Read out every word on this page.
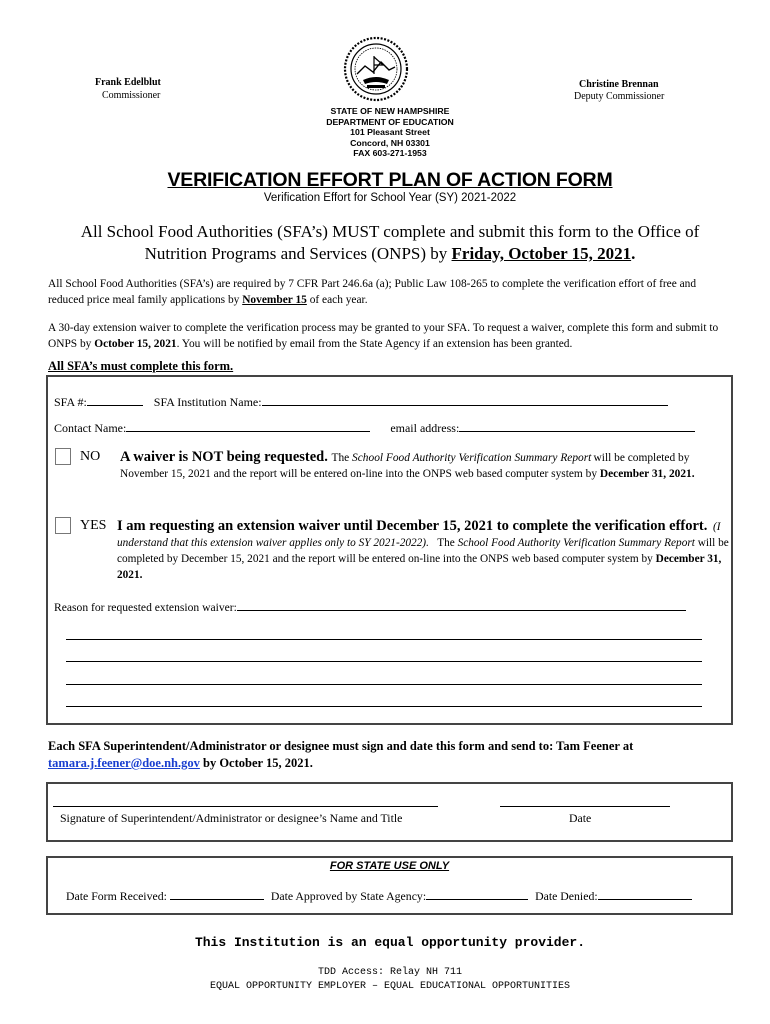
Frank Edelblut
Commissioner
Christine Brennan
Deputy Commissioner
STATE OF NEW HAMPSHIRE
DEPARTMENT OF EDUCATION
101 Pleasant Street
Concord, NH 03301
FAX 603-271-1953
VERIFICATION EFFORT PLAN OF ACTION FORM
Verification Effort for School Year (SY) 2021-2022
All School Food Authorities (SFA’s) MUST complete and submit this form to the Office of Nutrition Programs and Services (ONPS) by Friday, October 15, 2021.
All School Food Authorities (SFA’s) are required by 7 CFR Part 246.6a (a); Public Law 108-265 to complete the verification effort of free and reduced price meal family applications by November 15 of each year.
A 30-day extension waiver to complete the verification process may be granted to your SFA. To request a waiver, complete this form and submit to ONPS by October 15, 2021. You will be notified by email from the State Agency if an extension has been granted.
All SFA’s must complete this form.
SFA #:	SFA Institution Name:
Contact Name:	email address:
NO A waiver is NOT being requested. The School Food Authority Verification Summary Report will be completed by November 15, 2021 and the report will be entered on-line into the ONPS web based computer system by December 31, 2021.
YES I am requesting an extension waiver until December 15, 2021 to complete the verification effort. (I understand that this extension waiver applies only to SY 2021-2022). The School Food Authority Verification Summary Report will be completed by December 15, 2021 and the report will be entered on-line into the ONPS web based computer system by December 31, 2021.
Reason for requested extension waiver:
Each SFA Superintendent/Administrator or designee must sign and date this form and send to: Tam Feener at tamara.j.feener@doe.nh.gov by October 15, 2021.
Signature of Superintendent/Administrator or designee’s Name and Title	Date
FOR STATE USE ONLY
Date Form Received:	Date Approved by State Agency:	Date Denied:
This Institution is an equal opportunity provider.
TDD Access: Relay NH 711
EQUAL OPPORTUNITY EMPLOYER – EQUAL EDUCATIONAL OPPORTUNITIES
